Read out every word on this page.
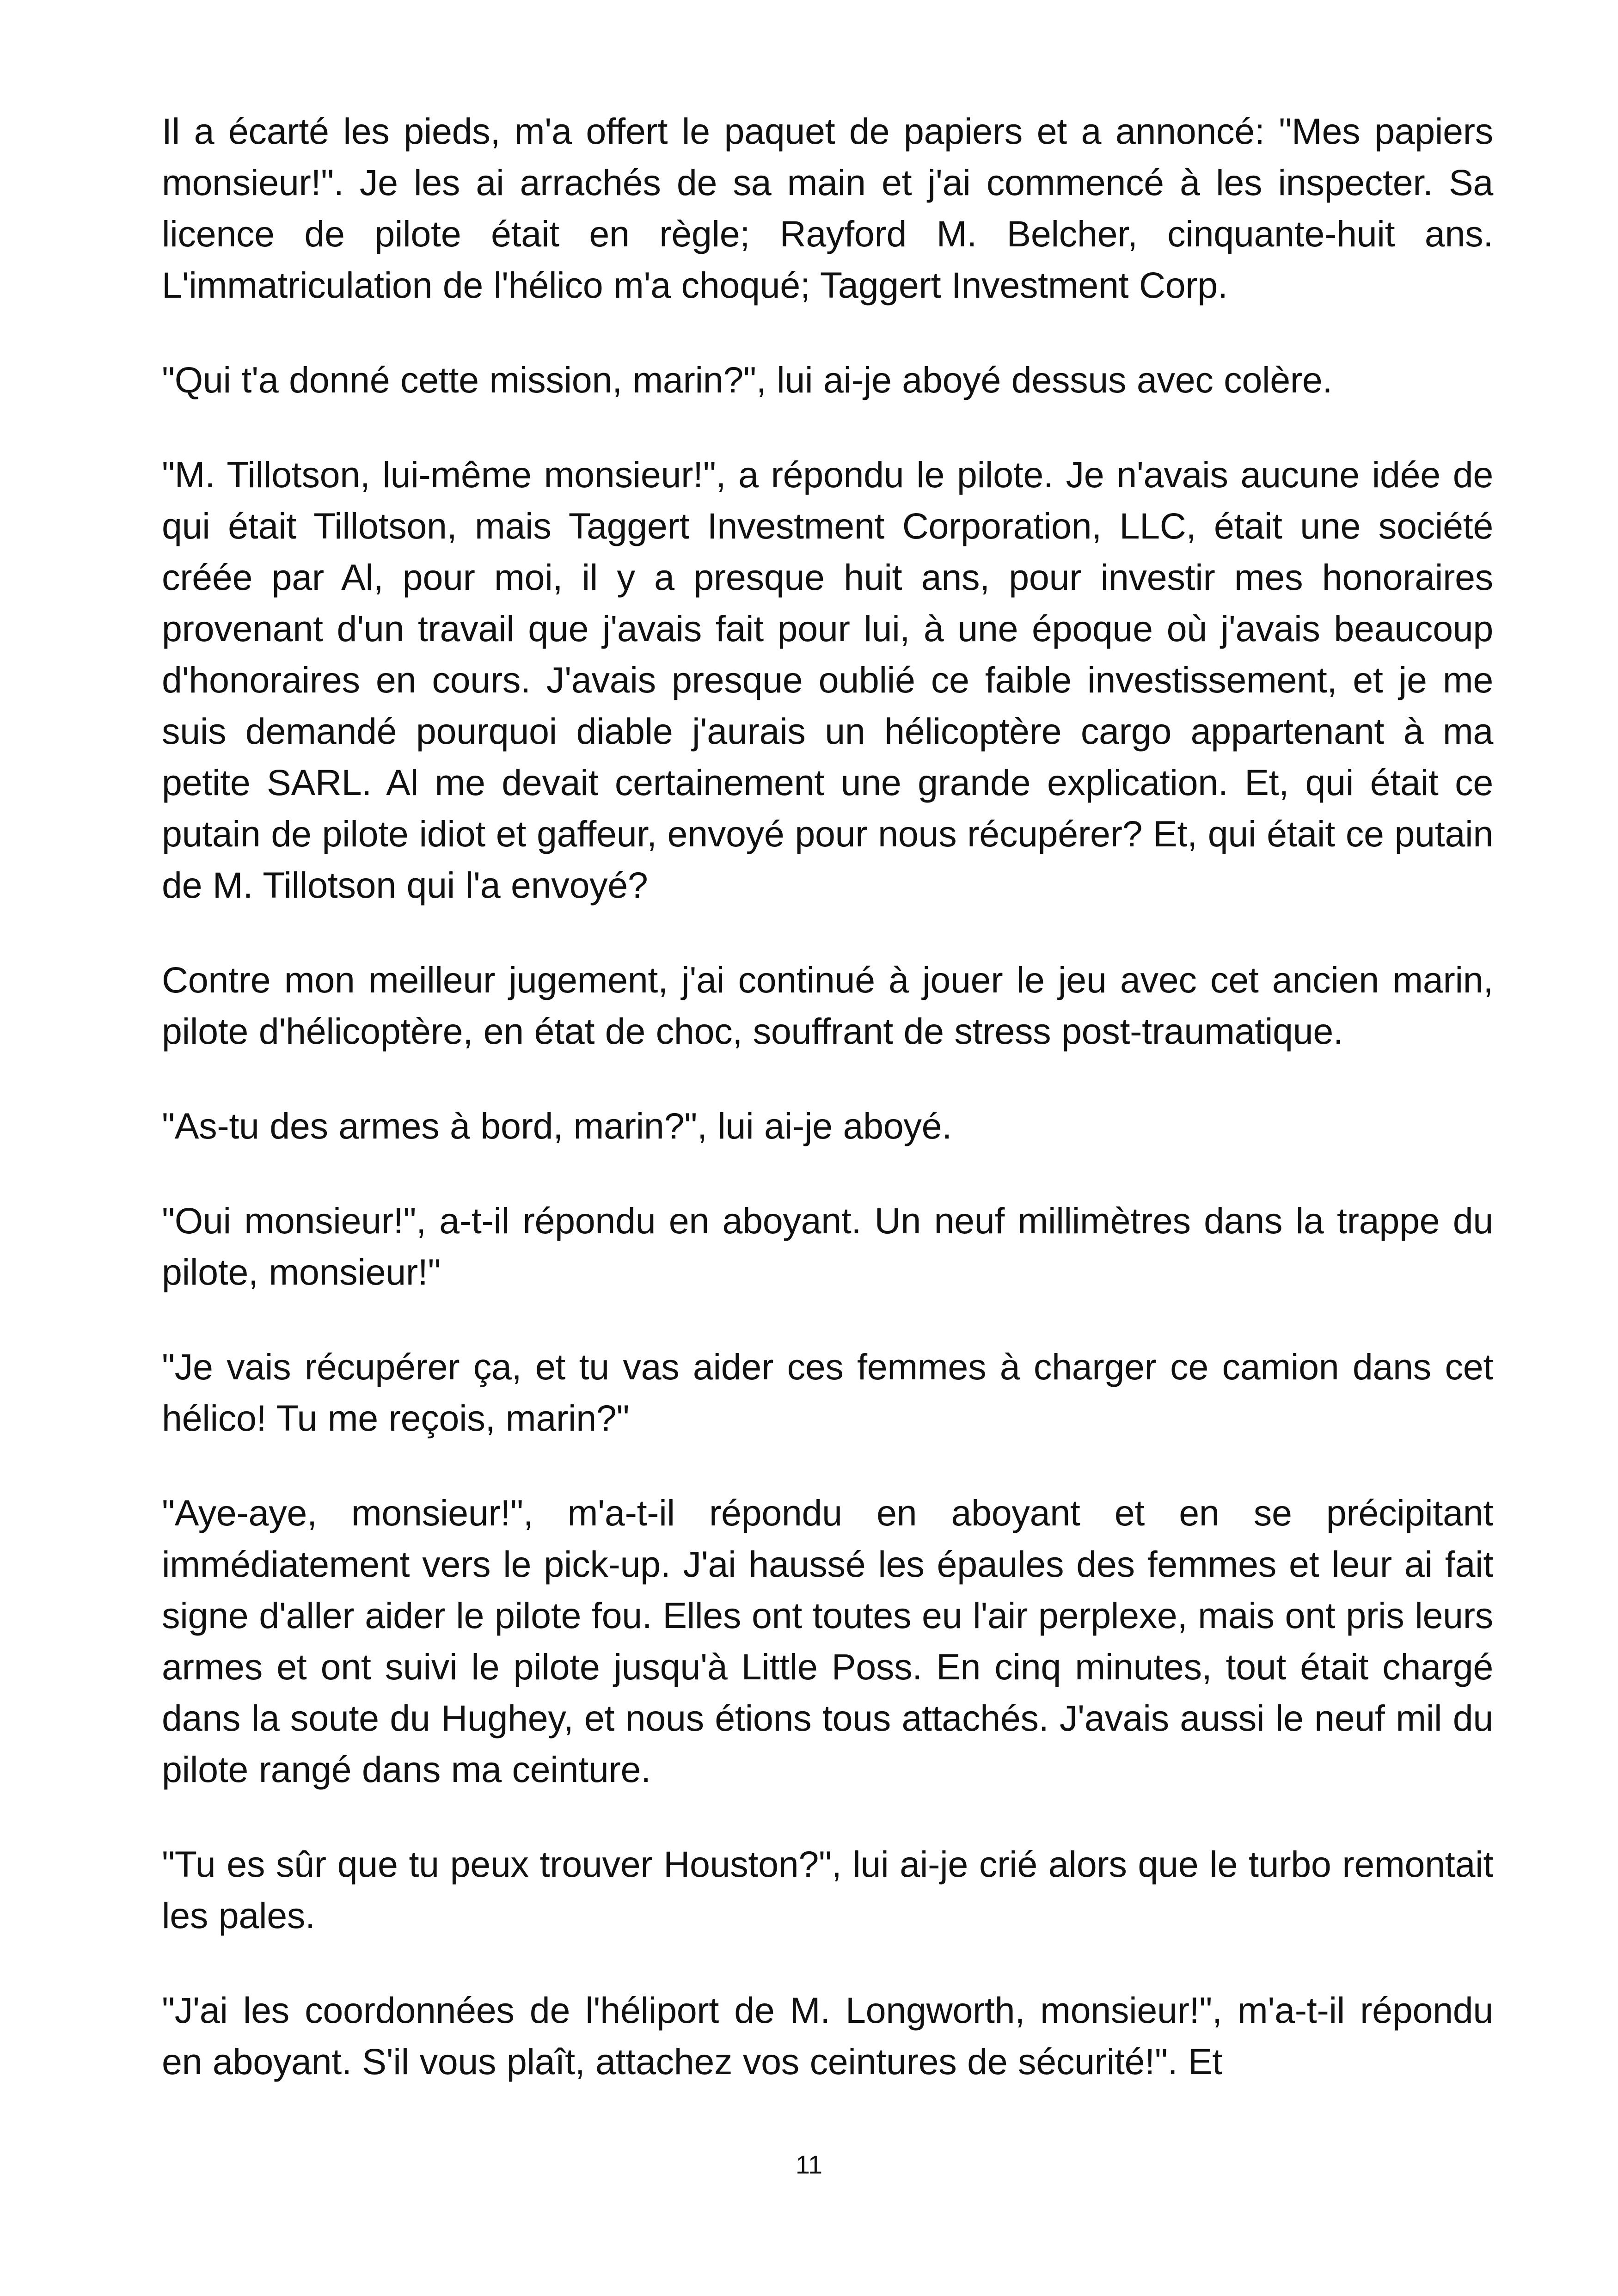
Il a écarté les pieds, m'a offert le paquet de papiers et a annoncé: "Mes papiers monsieur!". Je les ai arrachés de sa main et j'ai commencé à les inspecter. Sa licence de pilote était en règle; Rayford M. Belcher, cinquante-huit ans. L'immatriculation de l'hélico m'a choqué; Taggert Investment Corp.

"Qui t'a donné cette mission, marin?", lui ai-je aboyé dessus avec colère.

"M. Tillotson, lui-même monsieur!", a répondu le pilote. Je n'avais aucune idée de qui était Tillotson, mais Taggert Investment Corporation, LLC, était une société créée par Al, pour moi, il y a presque huit ans, pour investir mes honoraires provenant d'un travail que j'avais fait pour lui, à une époque où j'avais beaucoup d'honoraires en cours. J'avais presque oublié ce faible investissement, et je me suis demandé pourquoi diable j'aurais un hélicoptère cargo appartenant à ma petite SARL. Al me devait certainement une grande explication. Et, qui était ce putain de pilote idiot et gaffeur, envoyé pour nous récupérer? Et, qui était ce putain de M. Tillotson qui l'a envoyé?

Contre mon meilleur jugement, j'ai continué à jouer le jeu avec cet ancien marin, pilote d'hélicoptère, en état de choc, souffrant de stress post-traumatique.

"As-tu des armes à bord, marin?", lui ai-je aboyé.

"Oui monsieur!", a-t-il répondu en aboyant. Un neuf millimètres dans la trappe du pilote, monsieur!"

"Je vais récupérer ça, et tu vas aider ces femmes à charger ce camion dans cet hélico! Tu me reçois, marin?"

"Aye-aye, monsieur!", m'a-t-il répondu en aboyant et en se précipitant immédiatement vers le pick-up. J'ai haussé les épaules des femmes et leur ai fait signe d'aller aider le pilote fou. Elles ont toutes eu l'air perplexe, mais ont pris leurs armes et ont suivi le pilote jusqu'à Little Poss. En cinq minutes, tout était chargé dans la soute du Hughey, et nous étions tous attachés. J'avais aussi le neuf mil du pilote rangé dans ma ceinture.

"Tu es sûr que tu peux trouver Houston?", lui ai-je crié alors que le turbo remontait les pales.

"J'ai les coordonnées de l'héliport de M. Longworth, monsieur!", m'a-t-il répondu en aboyant. S'il vous plaît, attachez vos ceintures de sécurité!". Et

11
